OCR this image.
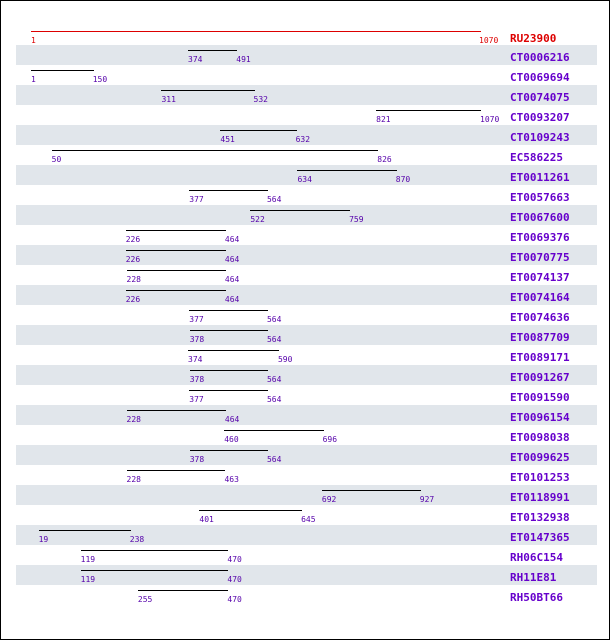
1	1070 RU23900
374	491	CT0006216
1	150	CT0069694
311	532	CT0074075
821	1070 CT0093207
451	632	CT0109243
50	826	EC586225
634	870	ET0011261
377	564	ET0057663
522	759	ET0067600
226	464	ET0069376
226	464	ET0070775
228	464	ET0074137
226	464	ET0074164
377	564	ET0074636
378	564	ET0087709
374	590	ET0089171
378	564	ET0091267
377	564	ET0091590
228	464	ET0096154
460	696	ET0098038
378	564	ET0099625
228	463	ET0101253
692	927	ET0118991
401	645	ET0132938
19	238	ET0147365
119	470	RH06C154
119	470	RH11E81
255	470	RH50BT66
